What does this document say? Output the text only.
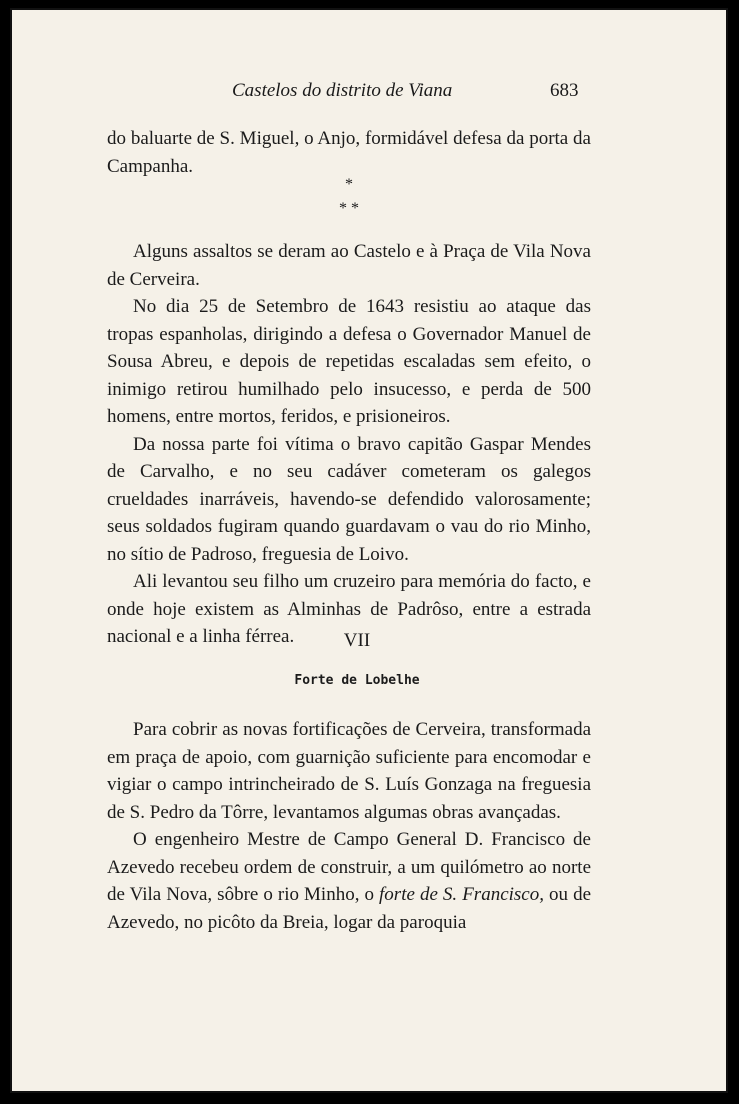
Castelos do distrito de Viana	683

do baluarte de S. Miguel, o Anjo, formidável defesa da porta da Campanha.

*
* *

Alguns assaltos se deram ao Castelo e à Praça de Vila Nova de Cerveira.

No dia 25 de Setembro de 1643 resistiu ao ataque das tropas espanholas, dirigindo a defesa o Governador Manuel de Sousa Abreu, e depois de repetidas escaladas sem efeito, o inimigo retirou humilhado pelo insucesso, e perda de 500 homens, entre mortos, feridos, e prisioneiros.

Da nossa parte foi vítima o bravo capitão Gaspar Mendes de Carvalho, e no seu cadáver cometeram os galegos crueldades inarráveis, havendo-se defendido valorosamente; seus soldados fugiram quando guardavam o vau do rio Minho, no sítio de Padroso, freguesia de Loivo.

Ali levantou seu filho um cruzeiro para memória do facto, e onde hoje existem as Alminhas de Padrôso, entre a estrada nacional e a linha férrea.	VII
Forte de Lobelhe

Para cobrir as novas fortificações de Cerveira, transformada em praça de apoio, com guarnição suficiente para encomodar e vigiar o campo intrincheirado de S. Luís Gonzaga na freguesia de S. Pedro da Tôrre, levantamos algumas obras avançadas.

O engenheiro Mestre de Campo General D. Francisco de Azevedo recebeu ordem de construir, a um quilómetro ao norte de Vila Nova, sôbre o rio Minho, o forte de S. Francisco, ou de Azevedo, no picôto da Breia, logar da paroquia
